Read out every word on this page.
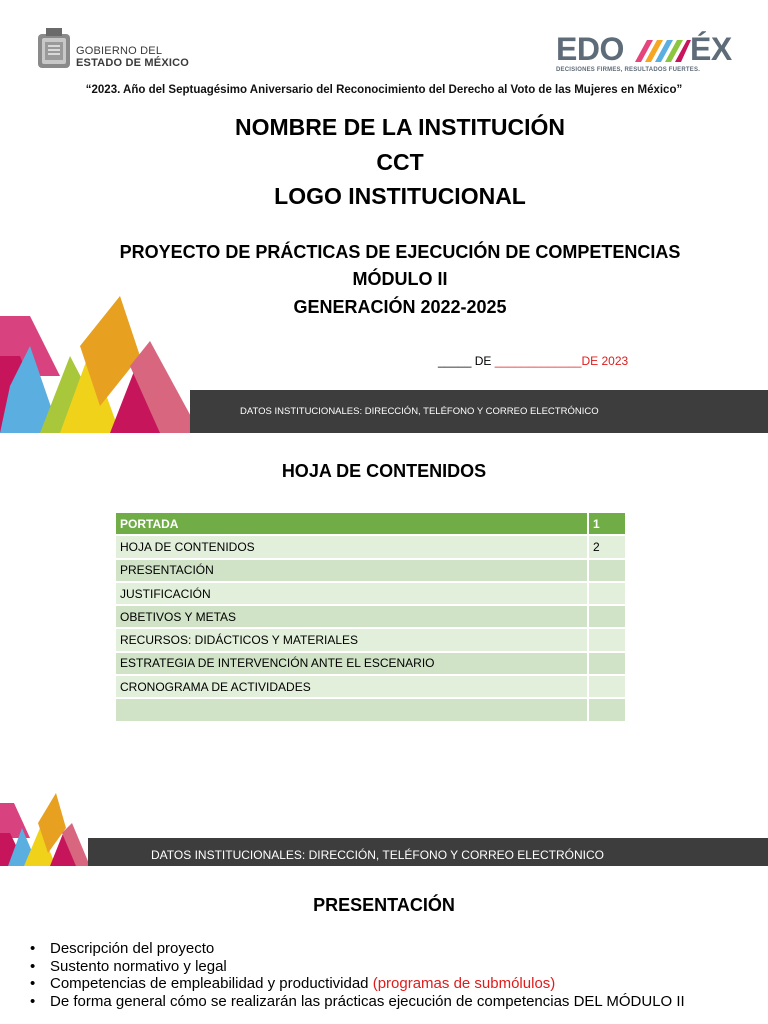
GOBIERNO DEL
ESTADO DE MÉXICO	EDO ÉX
DECISIONES FIRMES, RESULTADOS FUERTES.
“2023. Año del Septuagésimo Aniversario del Reconocimiento del Derecho al Voto de las Mujeres en México”
NOMBRE DE LA INSTITUCIÓN
CCT
LOGO INSTITUCIONAL
PROYECTO DE PRÁCTICAS DE EJECUCIÓN DE COMPETENCIAS
MÓDULO II
GENERACIÓN 2022-2025
_____ DE _____________DE 2023
DATOS INSTITUCIONALES: DIRECCIÓN, TELÉFONO Y CORREO ELECTRÓNICO
HOJA DE CONTENIDOS
PORTADA	1
HOJA DE CONTENIDOS	2
PRESENTACIÓN	
JUSTIFICACIÓN	
OBETIVOS Y METAS	
RECURSOS: DIDÁCTICOS Y MATERIALES	
ESTRATEGIA DE INTERVENCIÓN ANTE EL ESCENARIO	
CRONOGRAMA DE ACTIVIDADES	

DATOS INSTITUCIONALES: DIRECCIÓN, TELÉFONO Y CORREO ELECTRÓNICO
PRESENTACIÓN
• Descripción del proyecto
• Sustento normativo y legal
• Competencias de empleabilidad y productividad (programas de submólulos)
• De forma general cómo se realizarán las prácticas ejecución de competencias DEL MÓDULO II
